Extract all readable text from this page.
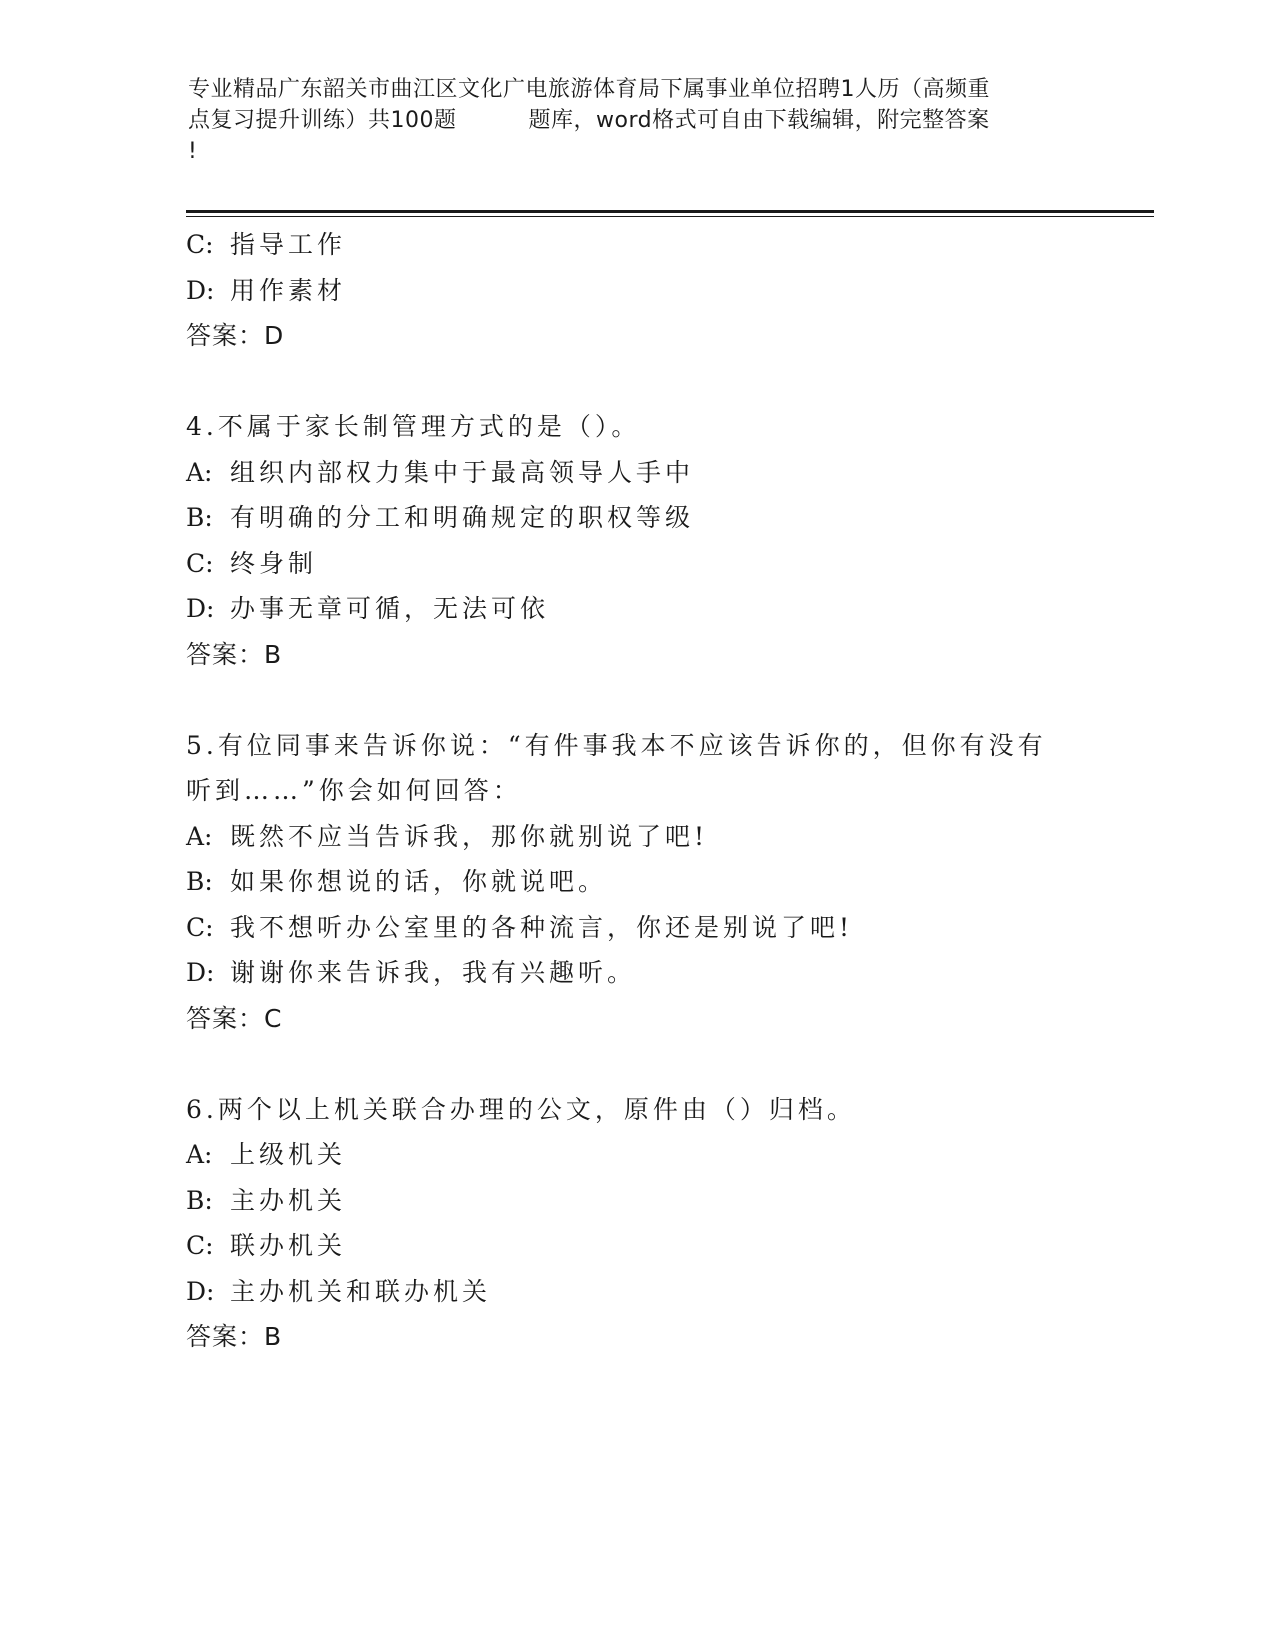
专业精品广东韶关市曲江区文化广电旅游体育局下属事业单位招聘1人历（高频重
点复习提升训练）共100题	题库，word格式可自由下载编辑，附完整答案
!
C: 指导工作
D: 用作素材
答案：D
4.不属于家长制管理方式的是（）。
A: 组织内部权力集中于最高领导人手中
B: 有明确的分工和明确规定的职权等级
C: 终身制
D: 办事无章可循，无法可依
答案：B
5.有位同事来告诉你说：“有件事我本不应该告诉你的，但你有没有
听到……”你会如何回答：
A: 既然不应当告诉我，那你就别说了吧!
B: 如果你想说的话，你就说吧。
C: 我不想听办公室里的各种流言，你还是别说了吧!
D: 谢谢你来告诉我，我有兴趣听。
答案：C
6.两个以上机关联合办理的公文，原件由（）归档。
A: 上级机关
B: 主办机关
C: 联办机关
D: 主办机关和联办机关
答案：B
